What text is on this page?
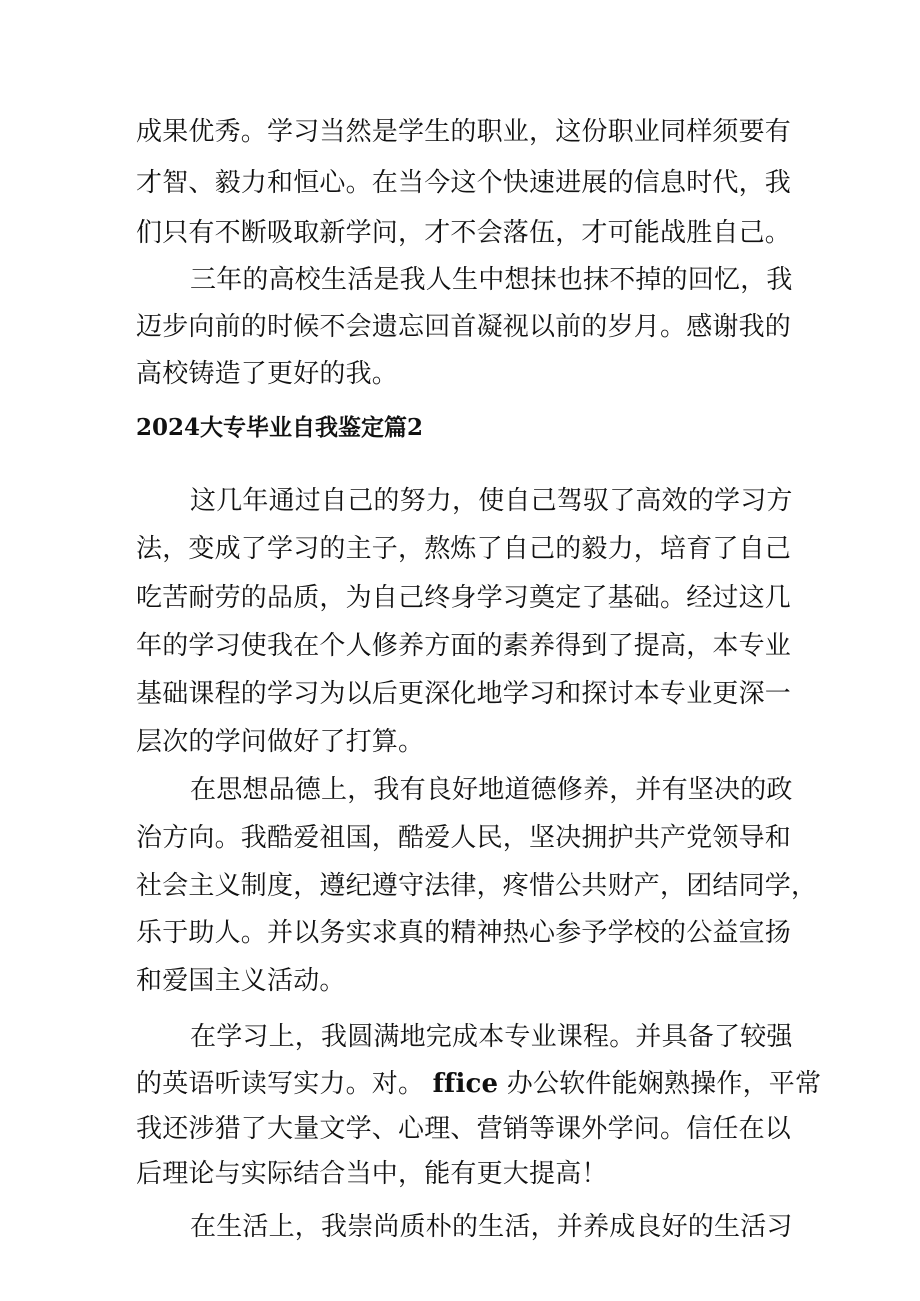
成果优秀。学习当然是学生的职业，这份职业同样须要有
才智、毅力和恒心。在当今这个快速进展的信息时代，我
们只有不断吸取新学问，才不会落伍，才可能战胜自己。
三年的高校生活是我人生中想抹也抹不掉的回忆，我
迈步向前的时候不会遗忘回首凝视以前的岁月。感谢我的
高校铸造了更好的我。
2024大专毕业自我鉴定篇2
这几年通过自己的努力，使自己驾驭了高效的学习方
法，变成了学习的主子，熬炼了自己的毅力，培育了自己
吃苦耐劳的品质，为自己终身学习奠定了基础。经过这几
年的学习使我在个人修养方面的素养得到了提高，本专业
基础课程的学习为以后更深化地学习和探讨本专业更深一
层次的学问做好了打算。
在思想品德上，我有良好地道德修养，并有坚决的政
治方向。我酷爱祖国，酷爱人民，坚决拥护共产党领导和
社会主义制度，遵纪遵守法律，疼惜公共财产，团结同学，
乐于助人。并以务实求真的精神热心参予学校的公益宣扬
和爱国主义活动。
在学习上，我圆满地完成本专业课程。并具备了较强
的英语听读写实力。对。 ffice 办公软件能娴熟操作，平常
我还涉猎了大量文学、心理、营销等课外学问。信任在以
后理论与实际结合当中，能有更大提高！
在生活上，我崇尚质朴的生活，并养成良好的生活习
